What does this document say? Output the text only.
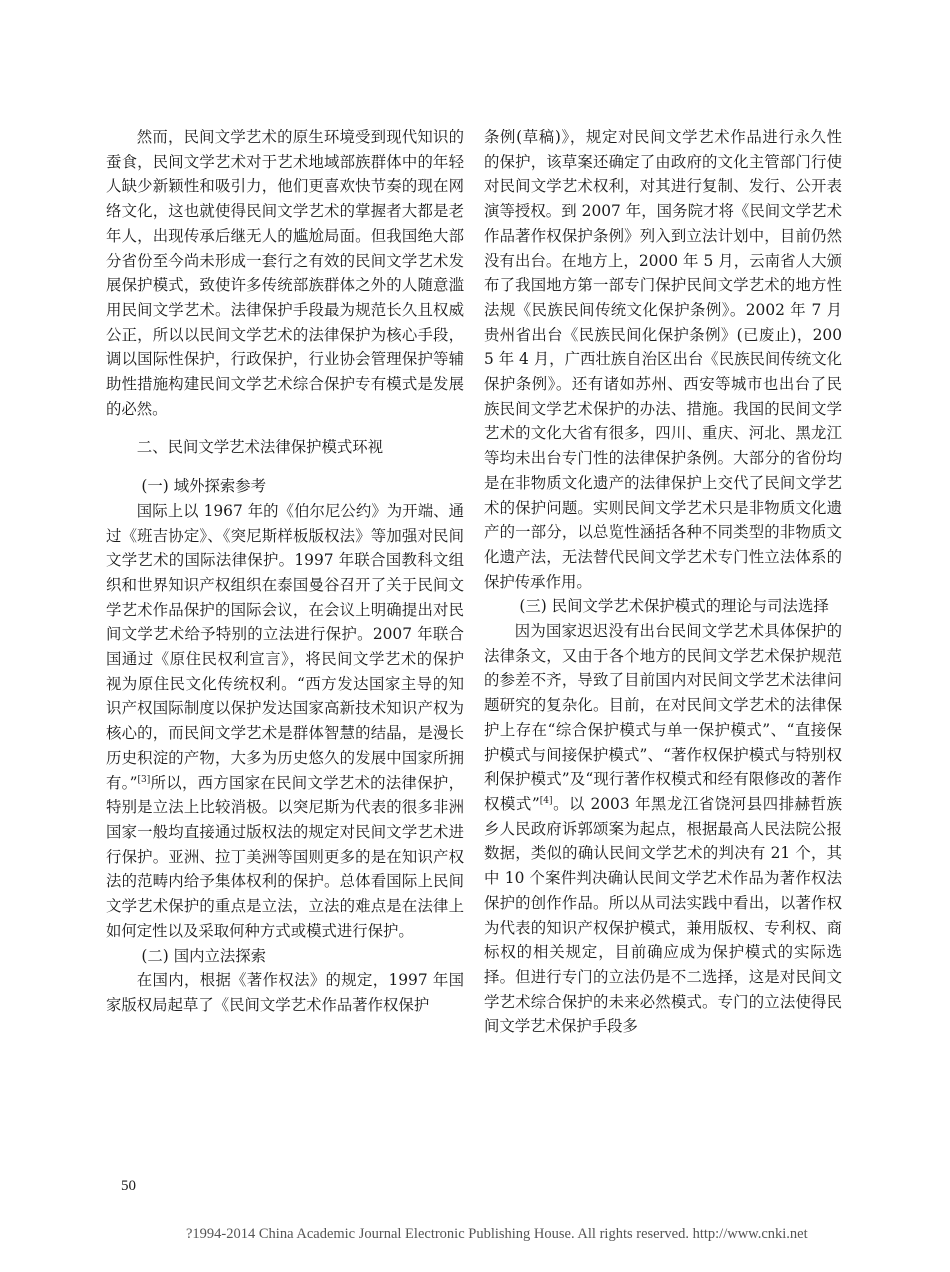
然而，民间文学艺术的原生环境受到现代知识的蚕食，民间文学艺术对于艺术地域部族群体中的年轻人缺少新颖性和吸引力，他们更喜欢快节奏的现在网络文化，这也就使得民间文学艺术的掌握者大都是老年人，出现传承后继无人的尴尬局面。但我国绝大部分省份至今尚未形成一套行之有效的民间文学艺术发展保护模式，致使许多传统部族群体之外的人随意滥用民间文学艺术。法律保护手段最为规范长久且权威公正，所以以民间文学艺术的法律保护为核心手段，调以国际性保护，行政保护，行业协会管理保护等辅助性措施构建民间文学艺术综合保护专有模式是发展的必然。

二、民间文学艺术法律保护模式环视

(一) 域外探索参考

国际上以 1967 年的《伯尔尼公约》为开端、通过《班吉协定》、《突尼斯样板版权法》等加强对民间文学艺术的国际法律保护。1997 年联合国教科文组织和世界知识产权组织在泰国曼谷召开了关于民间文学艺术作品保护的国际会议，在会议上明确提出对民间文学艺术给予特别的立法进行保护。2007 年联合国通过《原住民权利宣言》，将民间文学艺术的保护视为原住民文化传统权利。“西方发达国家主导的知识产权国际制度以保护发达国家高新技术知识产权为核心的，而民间文学艺术是群体智慧的结晶，是漫长历史积淀的产物，大多为历史悠久的发展中国家所拥有。”[3]所以，西方国家在民间文学艺术的法律保护，特别是立法上比较消极。以突尼斯为代表的很多非洲国家一般均直接通过版权法的规定对民间文学艺术进行保护。亚洲、拉丁美洲等国则更多的是在知识产权法的范畴内给予集体权利的保护。总体看国际上民间文学艺术保护的重点是立法，立法的难点是在法律上如何定性以及采取何种方式或模式进行保护。

(二) 国内立法探索

在国内，根据《著作权法》的规定，1997 年国家版权局起草了《民间文学艺术作品著作权保护

条例(草稿)》，规定对民间文学艺术作品进行永久性的保护，该草案还确定了由政府的文化主管部门行使对民间文学艺术权利，对其进行复制、发行、公开表演等授权。到 2007 年，国务院才将《民间文学艺术作品著作权保护条例》列入到立法计划中，目前仍然没有出台。在地方上，2000 年 5 月，云南省人大颁布了我国地方第一部专门保护民间文学艺术的地方性法规《民族民间传统文化保护条例》。2002 年 7 月贵州省出台《民族民间化保护条例》(已废止)，2005 年 4 月，广西壮族自治区出台《民族民间传统文化保护条例》。还有诸如苏州、西安等城市也出台了民族民间文学艺术保护的办法、措施。我国的民间文学艺术的文化大省有很多，四川、重庆、河北、黑龙江等均未出台专门性的法律保护条例。大部分的省份均是在非物质文化遗产的法律保护上交代了民间文学艺术的保护问题。实则民间文学艺术只是非物质文化遗产的一部分，以总览性涵括各种不同类型的非物质文化遗产法，无法替代民间文学艺术专门性立法体系的保护传承作用。

(三) 民间文学艺术保护模式的理论与司法选择

因为国家迟迟没有出台民间文学艺术具体保护的法律条文，又由于各个地方的民间文学艺术保护规范的参差不齐，导致了目前国内对民间文学艺术法律问题研究的复杂化。目前，在对民间文学艺术的法律保护上存在“综合保护模式与单一保护模式”、“直接保护模式与间接保护模式”、“著作权保护模式与特别权利保护模式”及“现行著作权模式和经有限修改的著作权模式”[4]。以 2003 年黑龙江省饶河县四排赫哲族乡人民政府诉郭颂案为起点，根据最高人民法院公报数据，类似的确认民间文学艺术的判决有 21 个，其中 10 个案件判决确认民间文学艺术作品为著作权法保护的创作作品。所以从司法实践中看出，以著作权为代表的知识产权保护模式，兼用版权、专利权、商标权的相关规定，目前确应成为保护模式的实际选择。但进行专门的立法仍是不二选择，这是对民间文学艺术综合保护的未来必然模式。专门的立法使得民间文学艺术保护手段多

50
?1994-2014 China Academic Journal Electronic Publishing House. All rights reserved. http://www.cnki.net
